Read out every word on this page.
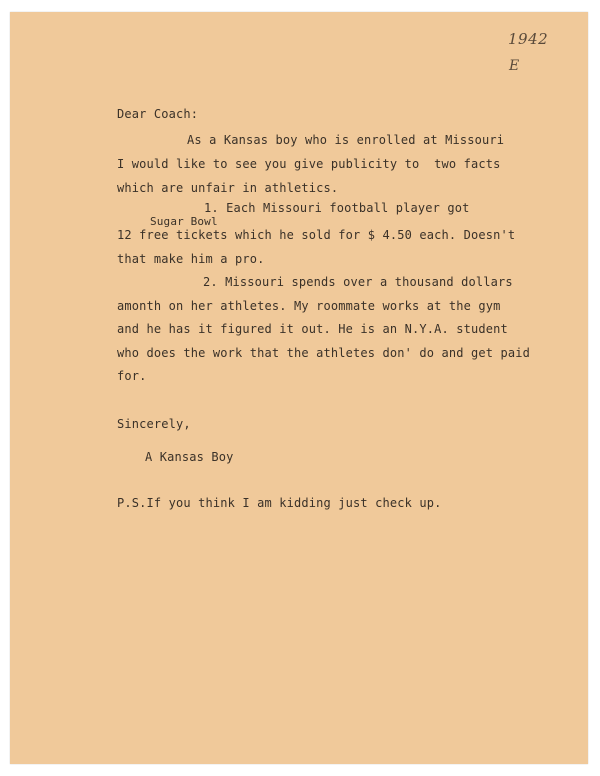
1942
E
Dear Coach:
As a Kansas boy who is enrolled at Missouri
I would like to see you give publicity to  two facts
which are unfair in athletics.
1. Each Missouri football player got
Sugar Bowl
12 free tickets which he sold for $ 4.50 each. Doesn't
that make him a pro.
2. Missouri spends over a thousand dollars
amonth on her athletes. My roommate works at the gym
and he has it figured it out. He is an N.Y.A. student
who does the work that the athletes don' do and get paid
for.
Sincerely,
A Kansas Boy
P.S.If you think I am kidding just check up.
